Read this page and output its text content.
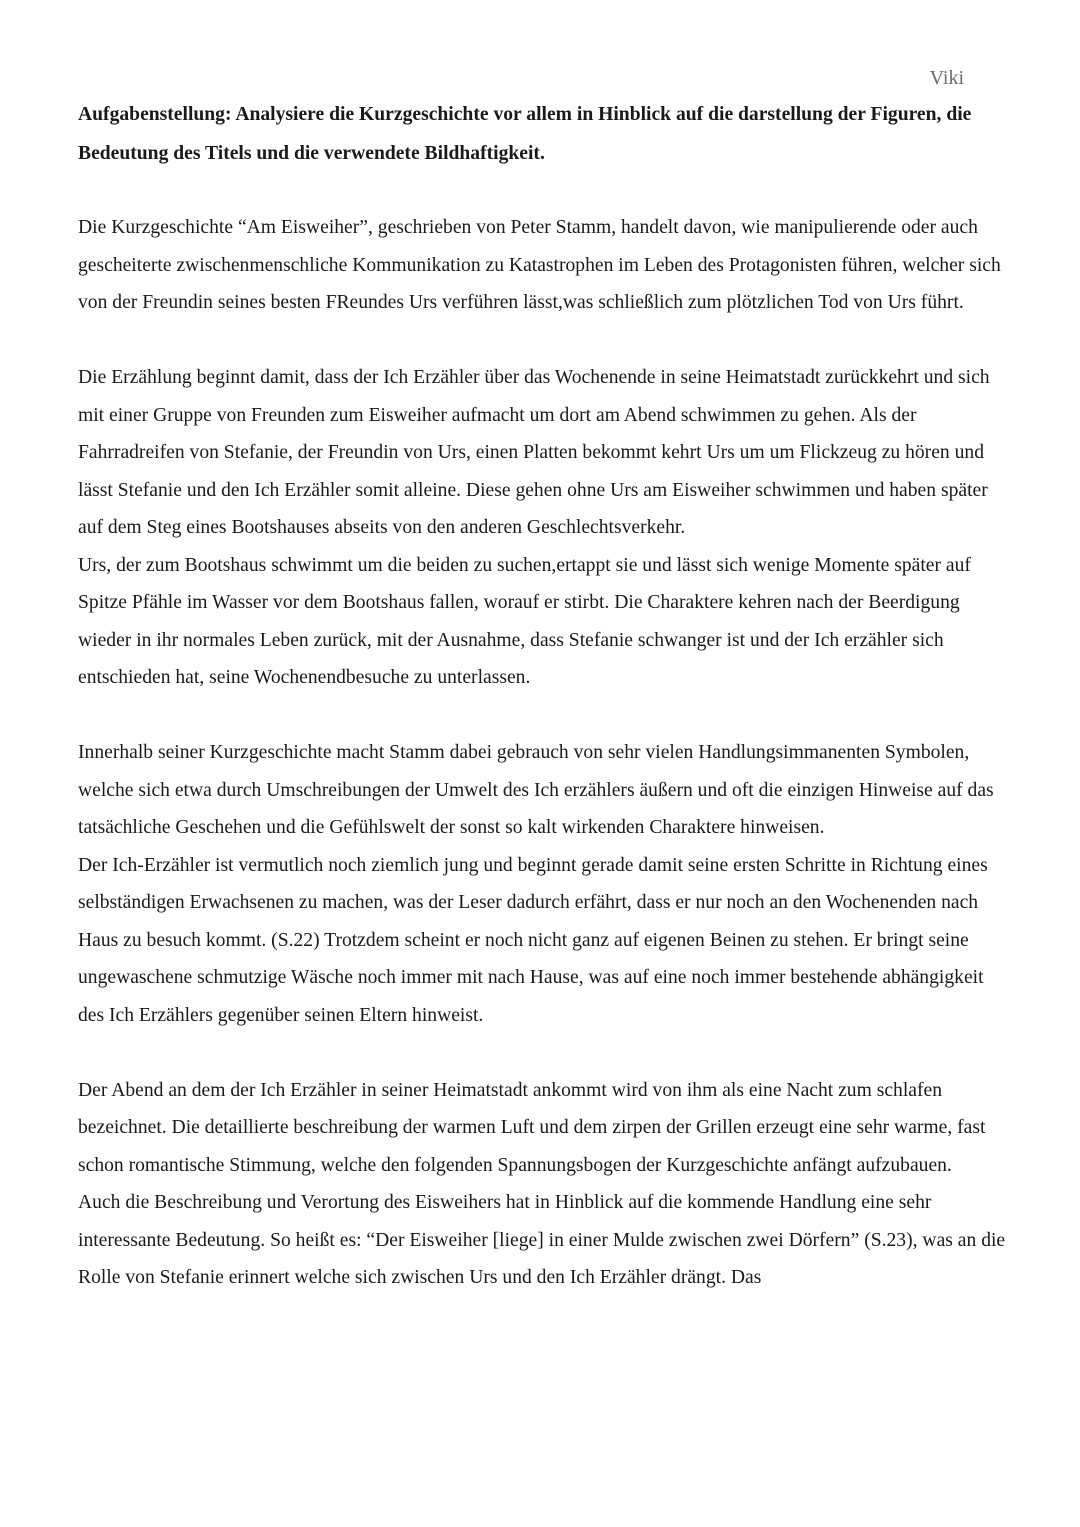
Viki

Aufgabenstellung: Analysiere die Kurzgeschichte vor allem in Hinblick auf die darstellung der Figuren, die Bedeutung des Titels und die verwendete Bildhaftigkeit.

Die Kurzgeschichte “Am Eisweiher”, geschrieben von Peter Stamm, handelt davon, wie manipulierende oder auch gescheiterte zwischenmenschliche Kommunikation zu Katastrophen im Leben des Protagonisten führen, welcher sich von der Freundin seines besten FReundes Urs verführen lässt,was schließlich zum plötzlichen Tod von Urs führt.

Die Erzählung beginnt damit, dass der Ich Erzähler über das Wochenende in seine Heimatstadt zurückkehrt und sich mit einer Gruppe von Freunden zum Eisweiher aufmacht um dort am Abend schwimmen zu gehen. Als der Fahrradreifen von Stefanie, der Freundin von Urs, einen Platten bekommt kehrt Urs um um Flickzeug zu hören und lässt Stefanie und den Ich Erzähler somit alleine. Diese gehen ohne Urs am Eisweiher schwimmen und haben später auf dem Steg eines Bootshauses abseits von den anderen Geschlechtsverkehr.

Urs, der zum Bootshaus schwimmt um die beiden zu suchen,ertappt sie und lässt sich wenige Momente später auf Spitze Pfähle im Wasser vor dem Bootshaus fallen, worauf er stirbt. Die Charaktere kehren nach der Beerdigung wieder in ihr normales Leben zurück, mit der Ausnahme, dass Stefanie schwanger ist und der Ich erzähler sich entschieden hat, seine Wochenendbesuche zu unterlassen.

Innerhalb seiner Kurzgeschichte macht Stamm dabei gebrauch von sehr vielen Handlungsimmanenten Symbolen, welche sich etwa durch Umschreibungen der Umwelt des Ich erzählers äußern und oft die einzigen Hinweise auf das tatsächliche Geschehen und die Gefühlswelt der sonst so kalt wirkenden Charaktere hinweisen.

Der Ich-Erzähler ist vermutlich noch ziemlich jung und beginnt gerade damit seine ersten Schritte in Richtung eines selbständigen Erwachsenen zu machen, was der Leser dadurch erfährt, dass er nur noch an den Wochenenden nach Haus zu besuch kommt. (S.22) Trotzdem scheint er noch nicht ganz auf eigenen Beinen zu stehen. Er bringt seine ungewaschene schmutzige Wäsche noch immer mit nach Hause, was auf eine noch immer bestehende abhängigkeit des Ich Erzählers gegenüber seinen Eltern hinweist.

Der Abend an dem der Ich Erzähler in seiner Heimatstadt ankommt wird von ihm als eine Nacht zum schlafen bezeichnet. Die detaillierte beschreibung der warmen Luft und dem zirpen der Grillen erzeugt eine sehr warme, fast schon romantische Stimmung, welche den folgenden Spannungsbogen der Kurzgeschichte anfängt aufzubauen.

Auch die Beschreibung und Verortung des Eisweihers hat in Hinblick auf die kommende Handlung eine sehr interessante Bedeutung. So heißt es: “Der Eisweiher [liege] in einer Mulde zwischen zwei Dörfern” (S.23), was an die Rolle von Stefanie erinnert welche sich zwischen Urs und den Ich Erzähler drängt. Das
